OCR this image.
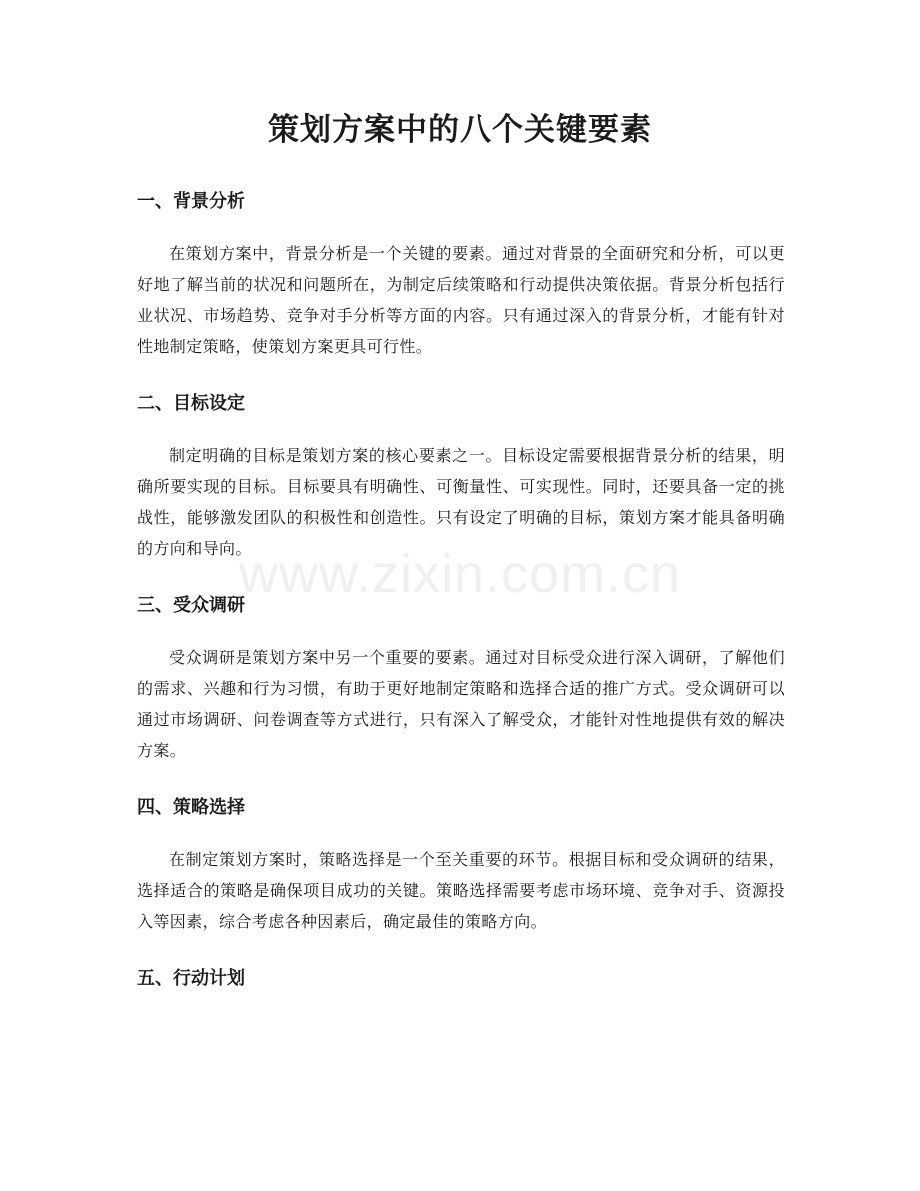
策划方案中的八个关键要素
一、背景分析

在策划方案中，背景分析是一个关键的要素。通过对背景的全面研究和分析，可以更好地了解当前的状况和问题所在，为制定后续策略和行动提供决策依据。背景分析包括行业状况、市场趋势、竞争对手分析等方面的内容。只有通过深入的背景分析，才能有针对性地制定策略，使策划方案更具可行性。

二、目标设定

制定明确的目标是策划方案的核心要素之一。目标设定需要根据背景分析的结果，明确所要实现的目标。目标要具有明确性、可衡量性、可实现性。同时，还要具备一定的挑战性，能够激发团队的积极性和创造性。只有设定了明确的目标，策划方案才能具备明确的方向和导向。

三、受众调研

受众调研是策划方案中另一个重要的要素。通过对目标受众进行深入调研，了解他们的需求、兴趣和行为习惯，有助于更好地制定策略和选择合适的推广方式。受众调研可以通过市场调研、问卷调查等方式进行，只有深入了解受众，才能针对性地提供有效的解决方案。

四、策略选择

在制定策划方案时，策略选择是一个至关重要的环节。根据目标和受众调研的结果，选择适合的策略是确保项目成功的关键。策略选择需要考虑市场环境、竞争对手、资源投入等因素，综合考虑各种因素后，确定最佳的策略方向。

五、行动计划
www.zixin.com.cn
